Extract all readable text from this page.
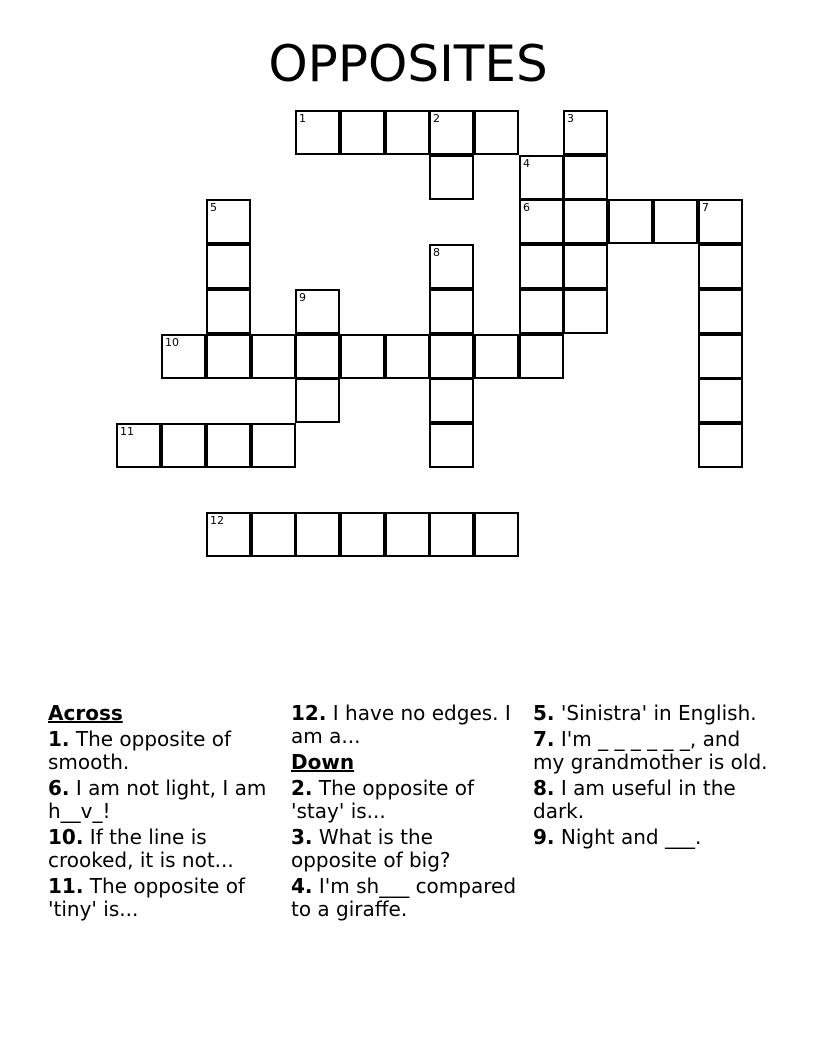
OPPOSITES
1	2	3
4
5	6	7
8
9
10
11
12
Across
1. The opposite of smooth.
6. I am not light, I am h__v_!
10. If the line is crooked, it is not...
11. The opposite of 'tiny' is...
12. I have no edges. I am a...
Down
2. The opposite of 'stay' is...
3. What is the opposite of big?
4. I'm sh___ compared to a giraffe.
5. 'Sinistra' in English.
7. I'm _ _ _ _ _ _, and my grandmother is old.
8. I am useful in the dark.
9. Night and ___.
